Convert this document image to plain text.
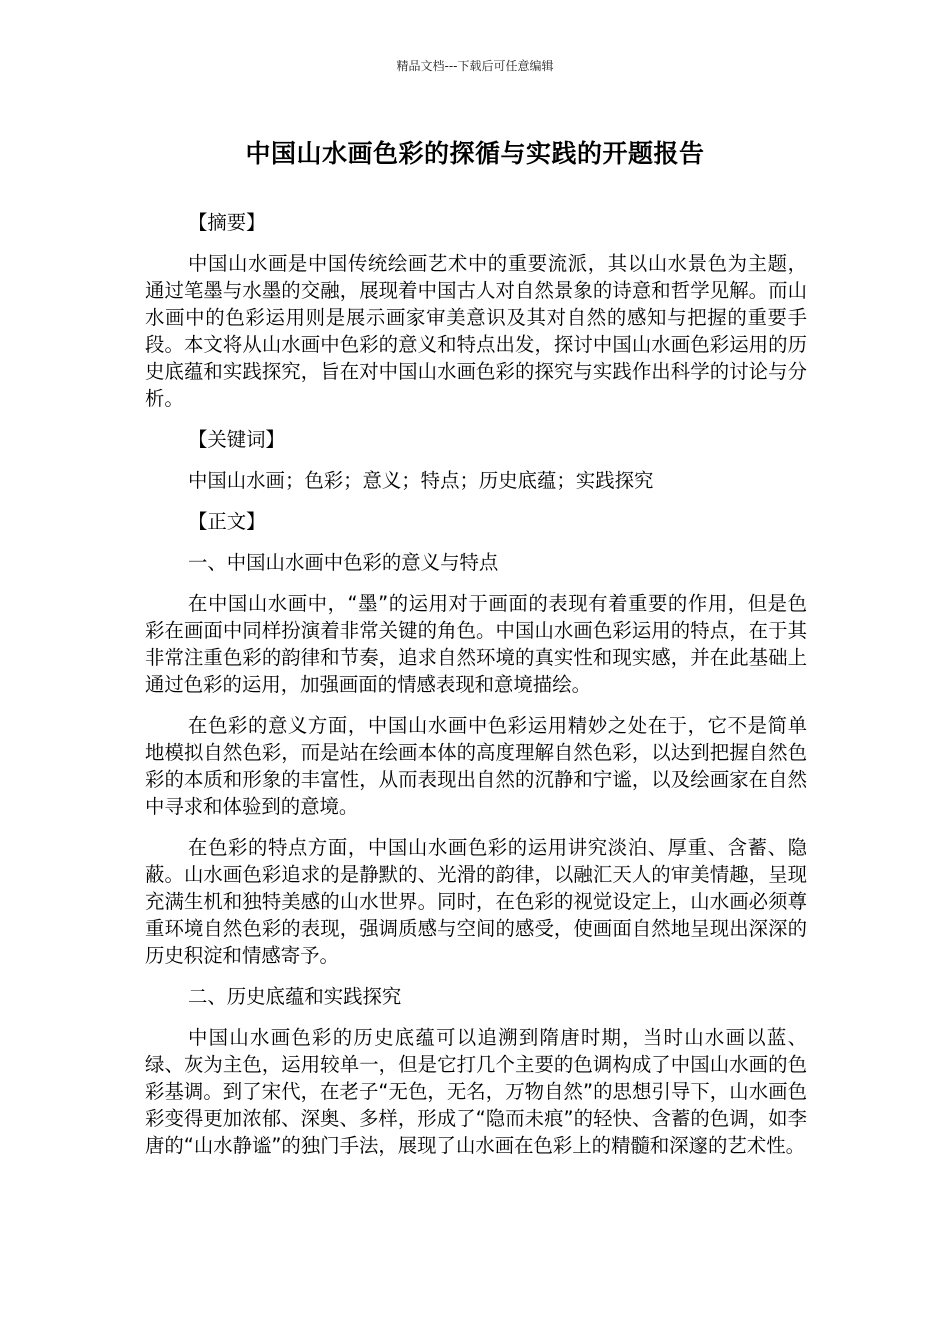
精品文档---下载后可任意编辑
中国山水画色彩的探循与实践的开题报告
【摘要】
中国山水画是中国传统绘画艺术中的重要流派，其以山水景色为主题，通过笔墨与水墨的交融，展现着中国古人对自然景象的诗意和哲学见解。而山水画中的色彩运用则是展示画家审美意识及其对自然的感知与把握的重要手段。本文将从山水画中色彩的意义和特点出发，探讨中国山水画色彩运用的历史底蕴和实践探究，旨在对中国山水画色彩的探究与实践作出科学的讨论与分析。
【关键词】
中国山水画；色彩；意义；特点；历史底蕴；实践探究
【正文】
一、中国山水画中色彩的意义与特点
在中国山水画中，“墨”的运用对于画面的表现有着重要的作用，但是色彩在画面中同样扮演着非常关键的角色。中国山水画色彩运用的特点，在于其非常注重色彩的韵律和节奏，追求自然环境的真实性和现实感，并在此基础上通过色彩的运用，加强画面的情感表现和意境描绘。
在色彩的意义方面，中国山水画中色彩运用精妙之处在于，它不是简单地模拟自然色彩，而是站在绘画本体的高度理解自然色彩，以达到把握自然色彩的本质和形象的丰富性，从而表现出自然的沉静和宁谧，以及绘画家在自然中寻求和体验到的意境。
在色彩的特点方面，中国山水画色彩的运用讲究淡泊、厚重、含蓄、隐蔽。山水画色彩追求的是静默的、光滑的韵律，以融汇天人的审美情趣，呈现充满生机和独特美感的山水世界。同时，在色彩的视觉设定上，山水画必须尊重环境自然色彩的表现，强调质感与空间的感受，使画面自然地呈现出深深的历史积淀和情感寄予。
二、历史底蕴和实践探究
中国山水画色彩的历史底蕴可以追溯到隋唐时期，当时山水画以蓝、绿、灰为主色，运用较单一，但是它打几个主要的色调构成了中国山水画的色彩基调。到了宋代，在老子“无色，无名，万物自然”的思想引导下，山水画色彩变得更加浓郁、深奥、多样，形成了“隐而未痕”的轻快、含蓄的色调，如李唐的“山水静谧”的独门手法，展现了山水画在色彩上的精髓和深邃的艺术性。
